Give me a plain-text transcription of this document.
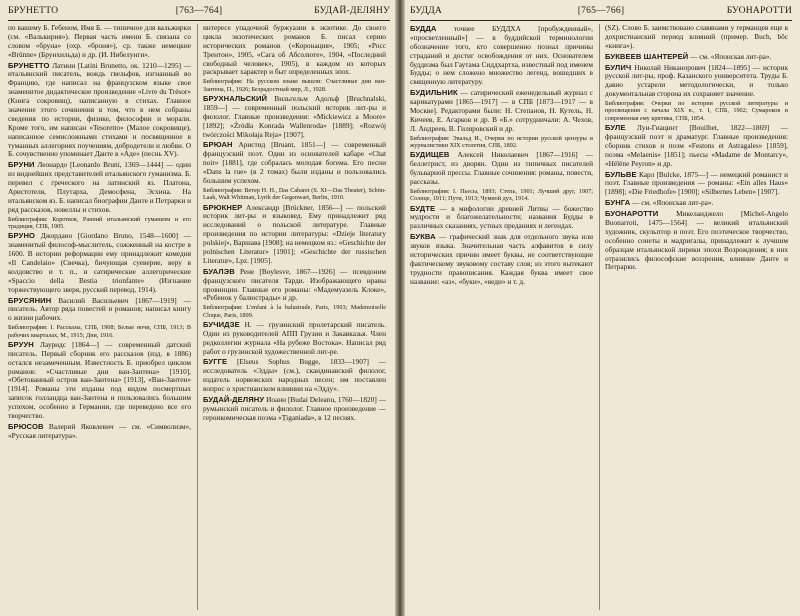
БРУНЕТТО	[763—764]	БУДАЙ-ДЕЛЯНУ

по вашему Б. Гебеном, Имя Б. — типичное для вальжирки (см. «Валькирия»). Первая часть имени Б. связана со словом «бруна» (охр. «броня»), ср. также немецкие «Brünne» (Брунхильда) и др. (И. Нибелунги».

БРУНЕТТО Латини [Latini Brunetto, ок. 1210—1295] — итальянский писатель, вождь гвельфов, изгнанный во Францию, где написал на французском языке свое знаменитое дидактическое произведение «Livre du Trésor» (Книга сокровищ), написанную в стихах. Главное значение этого сочинения в том, что в нем собраны сведения по истории, физике, философии и морали. Кроме того, им написан «Tesoretto» (Малое сокровище), написанное семисложными стихами и посвященное в туманных аллегориях поучениям, добродетели и любви. О Б. сочувственно упоминает Данте в «Аде» (песнь XV).

БРУНИ Леонардо [Leonardo Bruni, 1369—1444] — один из виднейших представителей итальянского гуманизма. Б. перевел с греческого на латинский яз. Платона, Аристотеля, Плутарха, Демосфена, Эсхина. На итальянском яз. Б. написал биографии Данте и Петрарки и ряд рассказов, новеллы и стихов.

Библиография: Коротков, Ранний итальянский гуманизм и его традиция, СПБ, 1905.

БРУНО Джордано [Giordano Bruno, 1548—1600] — знаменитый философ-мыслитель, сожженный на костре в 1600. В истории реформации ему принадлежит комедия «Il Candelaio» (Свечка), бичующая суеверие, веру в колдовство и т. п., и сатирические аллегорические «Spaccio della Bestia trionfante» (Изгнание торжествующего зверя, русский перевод, 1914).

БРУСЯНИН Василий Васильевич [1867—1919] — писатель. Автор ряда повестей и романов; написал книгу о жизни рабочих.

Библиография: I. Рассказы, СПБ, 1908; Белые ночи, СПБ, 1913; В рабочих кварталах, М., 1915; Дни, 1916.

БРУУН Лауридс [1864—] — современный датский писатель. Первый сборник его рассказов (изд. в 1886) остался незамеченным. Известность Б. приобрел циклом романов: «Счастливые дни ван-Зантена» [1910], «Обетованный остров ван-Зантена» [1913], «Ван-Зантен» [1914]. Романы эти изданы под видом посмертных записок голландца ван-Зантена и пользовались большим успехом, особенно в Германии, где переведено все его творчество.

БРЮСОВ Валерий Яковлевич — см. «Символизм», «Русская литература».

интересе упадочной буржуазии к экзотике. До своего цикла экзотических романов Б. писал серию исторических романов («Коронация», 1905; «Росс Трентон», 1905, «Сага об Абсолюте», 1904, «Последний свободный человек», 1905), в каждом из которых раскрывает характер и быт определенных эпох.

Библиография: На русском языке вышли: Счастливые дни ван-Зантена, П., 1926; Безрадостный мир, Л., 1928.

БРУХНАЛЬСКИЙ Вильгельм Адольф [Bruchnalski, 1859—] — современный польский историк лит-ры и филолог. Главные произведения: «Mickiewicz a Moore» [1892]; «Źródła Konrada Wallenroda» [1889]; «Rozwój twórczości Mikołaja Reja» [1907].

БРЮАН Аристид [Bruant, 1851—] — современный французский поэт. Один из основателей кабаре «Chat noir» [1881], где собралась молодая богема. Его песни «Dans la rue» (в 2 томах) были изданы и пользовались большим успехом.

Библиография: Ветер Н. Н., Das Cabaret (S. XI—Das Theater), Schön-Laak, Walt Whitman, Lyrik der Gegenwart, Berlin, 1910.

БРЮКНЕР Александр [Brückner, 1856—] — польский историк лит-ры и языковед. Ему принадлежит ряд исследований о польской литературе. Главные произведения по истории литературы: «Dzieje literatury polskiej», Варшава [1908]; на немецком яз.: «Geschichte der polnischen Literatur» [1901]; «Geschichte der russischen Literatur», Lpz. [1905].

БУАЛЭВ Рене [Boylesve, 1867—1926] — псевдоним французского писателя Тарди. Изображающего нравы провинции. Главные его романы: «Мадемуазель Клоке», «Ребенок у балюстрады» и др.

Библиография: L'enfant à la balustrade, Paris, 1903; Mademoiselle Cloque, Paris, 1899.

БУЧИДЗЕ Н. — грузинский пролетарский писатель. Один из руководителей АПП Грузии и Закавказья. Член редколлегии журнала «На рубеже Востока». Написал ряд работ о грузинской художественной лит-ре.

БУГГЕ [Elseus Sophus Bugge, 1833—1907] — исследователь «Эдды» (см.), скандинавский филолог, издатель норвежских народных песен; им поставлен вопрос о христианском влиянии на «Эдду».

БУДАЙ-ДЕЛЯНУ Иоанн [Budai Deleanu, 1760—1820] — румынский писатель и филолог. Главное произведение — героикомическая поэма «Țiganiada», в 12 песнях.

БУДДА	[765—766]	БУОНАРОТТИ

БУДДА точнее БУДДХА [пробужденный», «просветленный»] — в буддийской терминологии обозначение того, кто совершенно познал причины страданий и достиг освобождения от них. Основателем буддизма был Гаутама Сиддхартха, известный под именем Будды; о нем сложено множество легенд, вошедших в священную литературу.

БУДИЛЬНИК — сатирический еженедельный журнал с карикатурами [1865—1917] — в СПБ [1873—1917 — в Москве]. Редакторами были: Н. Степанов, Н. Кутель, Н. Кичеев, Е. Агарков и др. В «Б.» сотрудничали: А. Чехов, Л. Андреев, В. Гиляровский и др.

Библиография: Эвальд И., Очерки по истории русской цензуры и журналистики XIX столетия, СПБ, 1892.

БУДИЩЕВ Алексей Николаевич [1867—1916] — беллетрист, из дворян. Один из типичных писателей бульварной прессы. Главные сочинения: романы, повести, рассказы.

Библиография: I. Пьесы, 1893; Степь, 1901; Лучший друг, 1907; Солнце, 1911; Пути, 1913; Чумной дух, 1914.

БУДТЕ — в мифологии древней Литвы — божество мудрости и благожелательности; названия Будды в различных сказаниях, устных преданиях и легендах.

БУКВА — графический знак для отдельного звука или звуков языка. Значительная часть алфавитов в силу исторических причин имеет буквы, не соответствующие фактическому звуковому составу слов; из этого вытекают трудности правописания. Каждая буква имеет свое название: «аз», «буки», «веди» и т. д.

(SZ). Слово Б. заимствовано славянами у германцев еще в дохристианский период влияний (пример. Buch, bôc «книга»).

БУКВЕЕВ ШАНТЕРЕЙ — см. «Японская лит-ра».

БУЛИЧ Николай Никанорович [1824—1895] — историк русской лит-ры, проф. Казанского университета. Труды Б. давно устарели методологически, и только документальная сторона их сохраняет значение.

Библиография: Очерки по истории русской литературы и просвещения с начала XIX в., т. I, СПБ, 1902; Сумароков и современная ему критика, СПБ, 1854.

БУЛЕ Луи-Гиацинт [Bouilhet, 1822—1869] — французский поэт и драматург. Главные произведения: сборник стихов и поэм «Festons et Astragales» [1859], поэма «Melaenis» [1851]; пьесы «Madame de Montarcy», «Hélène Peyron» и др.

БУЛЬВЕ Карл [Bulcke, 1875—] — немецкий романист и поэт. Главные произведения — романы: «Ein alles Haus» [1898]; «Die Friedhofe» [1900]; «Silbernes Leben» [1907].

БУНГА — см. «Японская лит-ра».

БУОНАРОТТИ Микеланджело [Michel-Angelo Buonarroti, 1475—1564] — великий итальянский художник, скульптор и поэт. Его поэтическое творчество, особенно сонеты и мадригалы, принадлежит к лучшим образцам итальянской лирики эпохи Возрождения; в них отразились философские воззрения, влияние Данте и Петрарки.
